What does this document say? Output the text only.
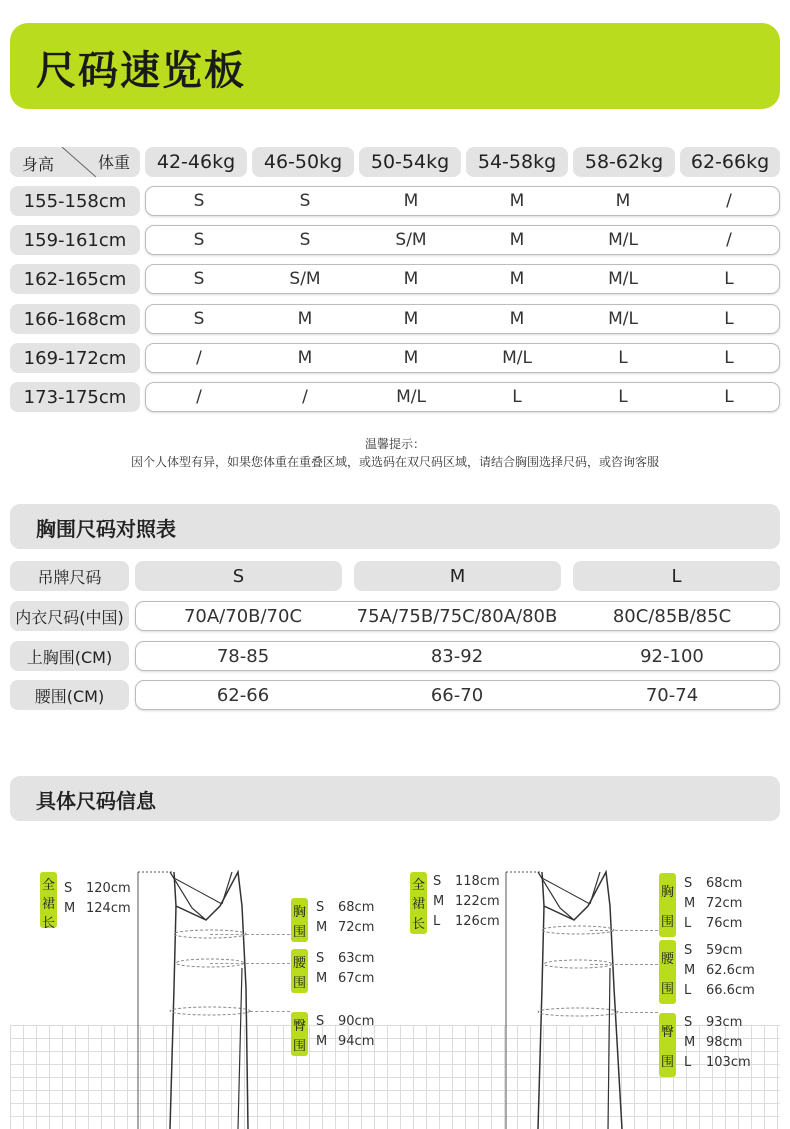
尺码速览板
体重
身高	42-46kg	46-50kg	50-54kg	54-58kg	58-62kg	62-66kg
155-158cm	S	S	M	M	M	/
159-161cm	S	S	S/M	M	M/L	/
162-165cm	S	S/M	M	M	M/L	L
166-168cm	S	M	M	M	M/L	L
169-172cm	/	M	M	M/L	L	L
173-175cm	/	/	M/L	L	L	L
温馨提示：
因个人体型有异，如果您体重在重叠区域，或选码在双尺码区域，请结合胸围选择尺码，或咨询客服
胸围尺码对照表
吊牌尺码	S	M	L
内衣尺码(中国)	70A/70B/70C	75A/75B/75C/80A/80B	80C/85B/85C
上胸围(CM)	78-85	83-92	92-100
腰围(CM)	62-66	66-70	70-74
具体尺码信息
全
裙
长
S 120cm
M 124cm	胸
围
S 68cm
M 72cm
腰
围
S 63cm
M 67cm
臀
围
S 90cm
M 94cm
全
裙
长
S 118cm
M 122cm
L 126cm
胸
围
S 68cm
M 72cm
L 76cm
腰
围
S 59cm
M 62.6cm
L 66.6cm
臀
围
S 93cm
M 98cm
L 103cm
